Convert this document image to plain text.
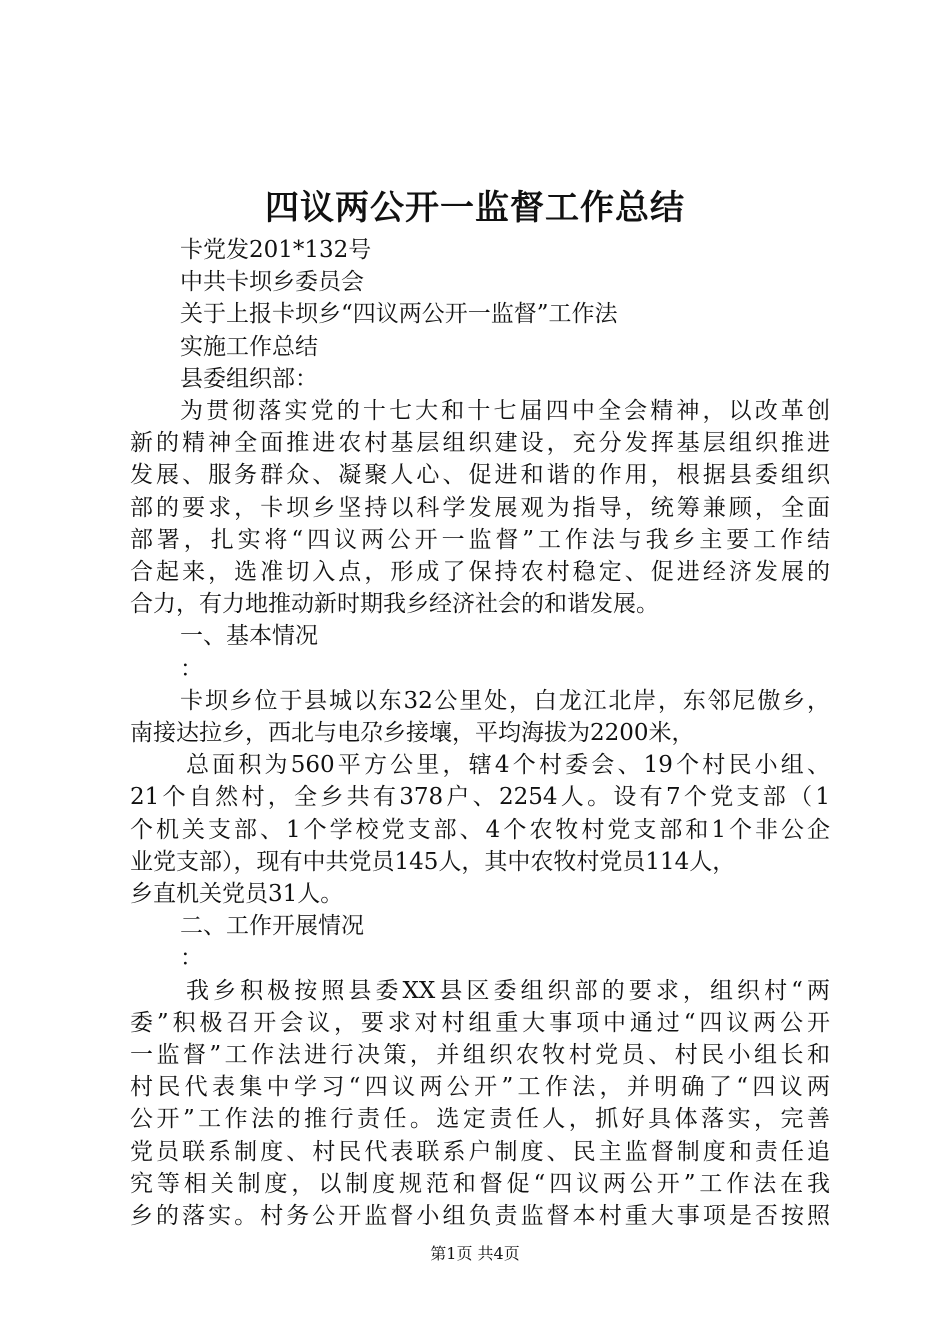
四议两公开一监督工作总结
卡党发201*132号
中共卡坝乡委员会
关于上报卡坝乡“四议两公开一监督”工作法
实施工作总结
县委组织部：
为贯彻落实党的十七大和十七届四中全会精神，以改革创
新的精神全面推进农村基层组织建设，充分发挥基层组织推进
发展、服务群众、凝聚人心、促进和谐的作用，根据县委组织
部的要求，卡坝乡坚持以科学发展观为指导，统筹兼顾，全面
部署，扎实将“四议两公开一监督”工作法与我乡主要工作结
合起来，选准切入点，形成了保持农村稳定、促进经济发展的
合力，有力地推动新时期我乡经济社会的和谐发展。
一、基本情况
：
卡坝乡位于县城以东32公里处，白龙江北岸，东邻尼傲乡，
南接达拉乡，西北与电尕乡接壤，平均海拔为2200米，
总面积为560平方公里，辖4个村委会、19个村民小组、
21个自然村，全乡共有378户、2254人。设有7个党支部（1
个机关支部、1个学校党支部、4个农牧村党支部和1个非公企
业党支部），现有中共党员145人，其中农牧村党员114人，
乡直机关党员31人。
二、工作开展情况
：
我乡积极按照县委XX县区委组织部的要求，组织村“两
委”积极召开会议，要求对村组重大事项中通过“四议两公开
一监督”工作法进行决策，并组织农牧村党员、村民小组长和
村民代表集中学习“四议两公开”工作法，并明确了“四议两
公开”工作法的推行责任。选定责任人，抓好具体落实，完善
党员联系制度、村民代表联系户制度、民主监督制度和责任追
究等相关制度，以制度规范和督促“四议两公开”工作法在我
乡的落实。村务公开监督小组负责监督本村重大事项是否按照
第1页 共4页
